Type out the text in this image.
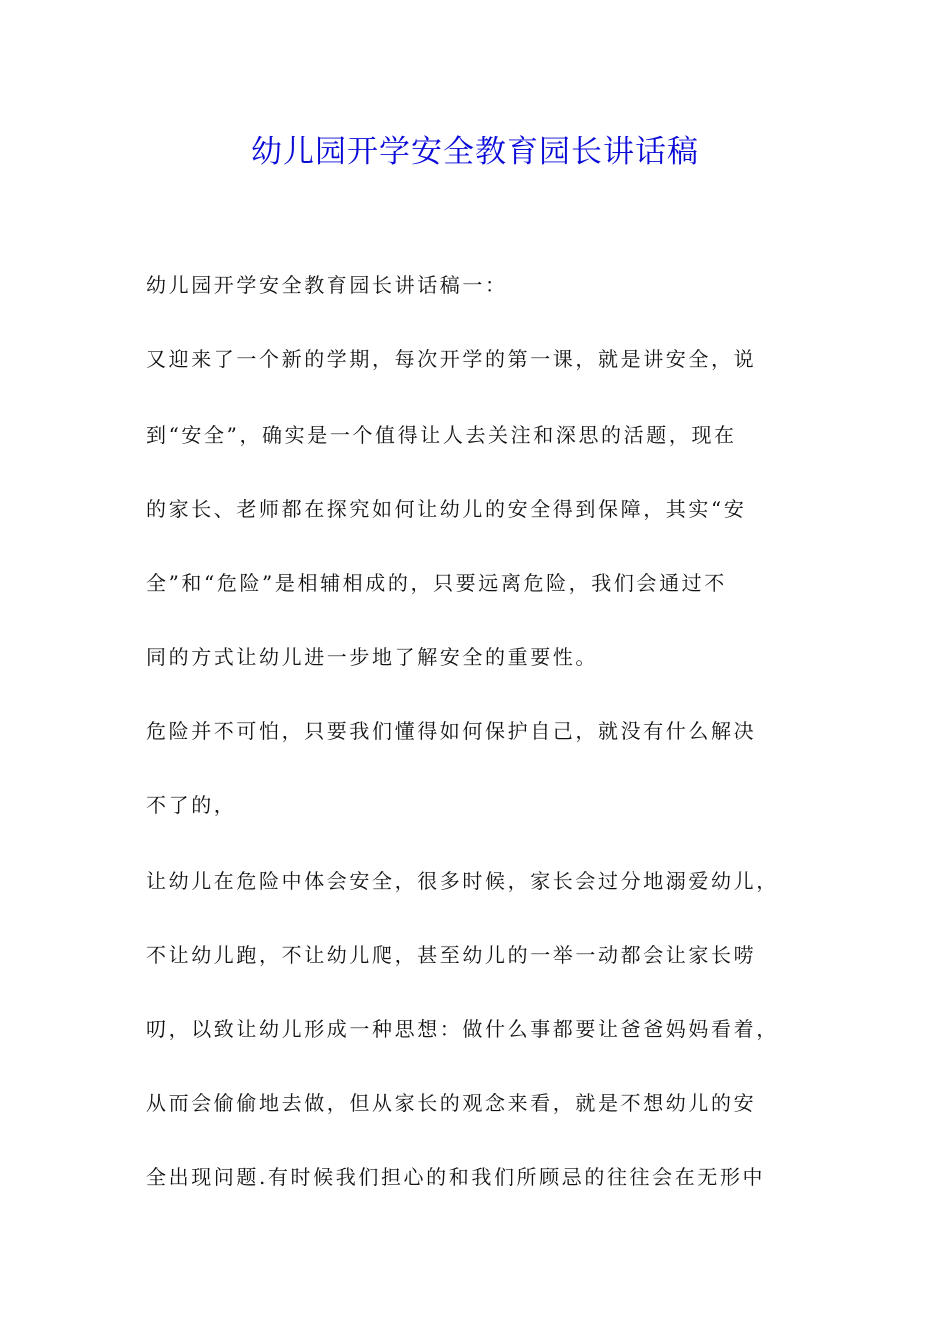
幼儿园开学安全教育园长讲话稿
幼儿园开学安全教育园长讲话稿一：
又迎来了一个新的学期，每次开学的第一课，就是讲安全，说
到“安全”，确实是一个值得让人去关注和深思的活题，现在
的家长、老师都在探究如何让幼儿的安全得到保障，其实“安
全”和“危险”是相辅相成的，只要远离危险，我们会通过不
同的方式让幼儿进一步地了解安全的重要性。
危险并不可怕，只要我们懂得如何保护自己，就没有什么解决
不了的，
让幼儿在危险中体会安全，很多时候，家长会过分地溺爱幼儿，
不让幼儿跑，不让幼儿爬，甚至幼儿的一举一动都会让家长唠
叨，以致让幼儿形成一种思想：做什么事都要让爸爸妈妈看着，
从而会偷偷地去做，但从家长的观念来看，就是不想幼儿的安
全出现问题.有时候我们担心的和我们所顾忌的往往会在无形中
